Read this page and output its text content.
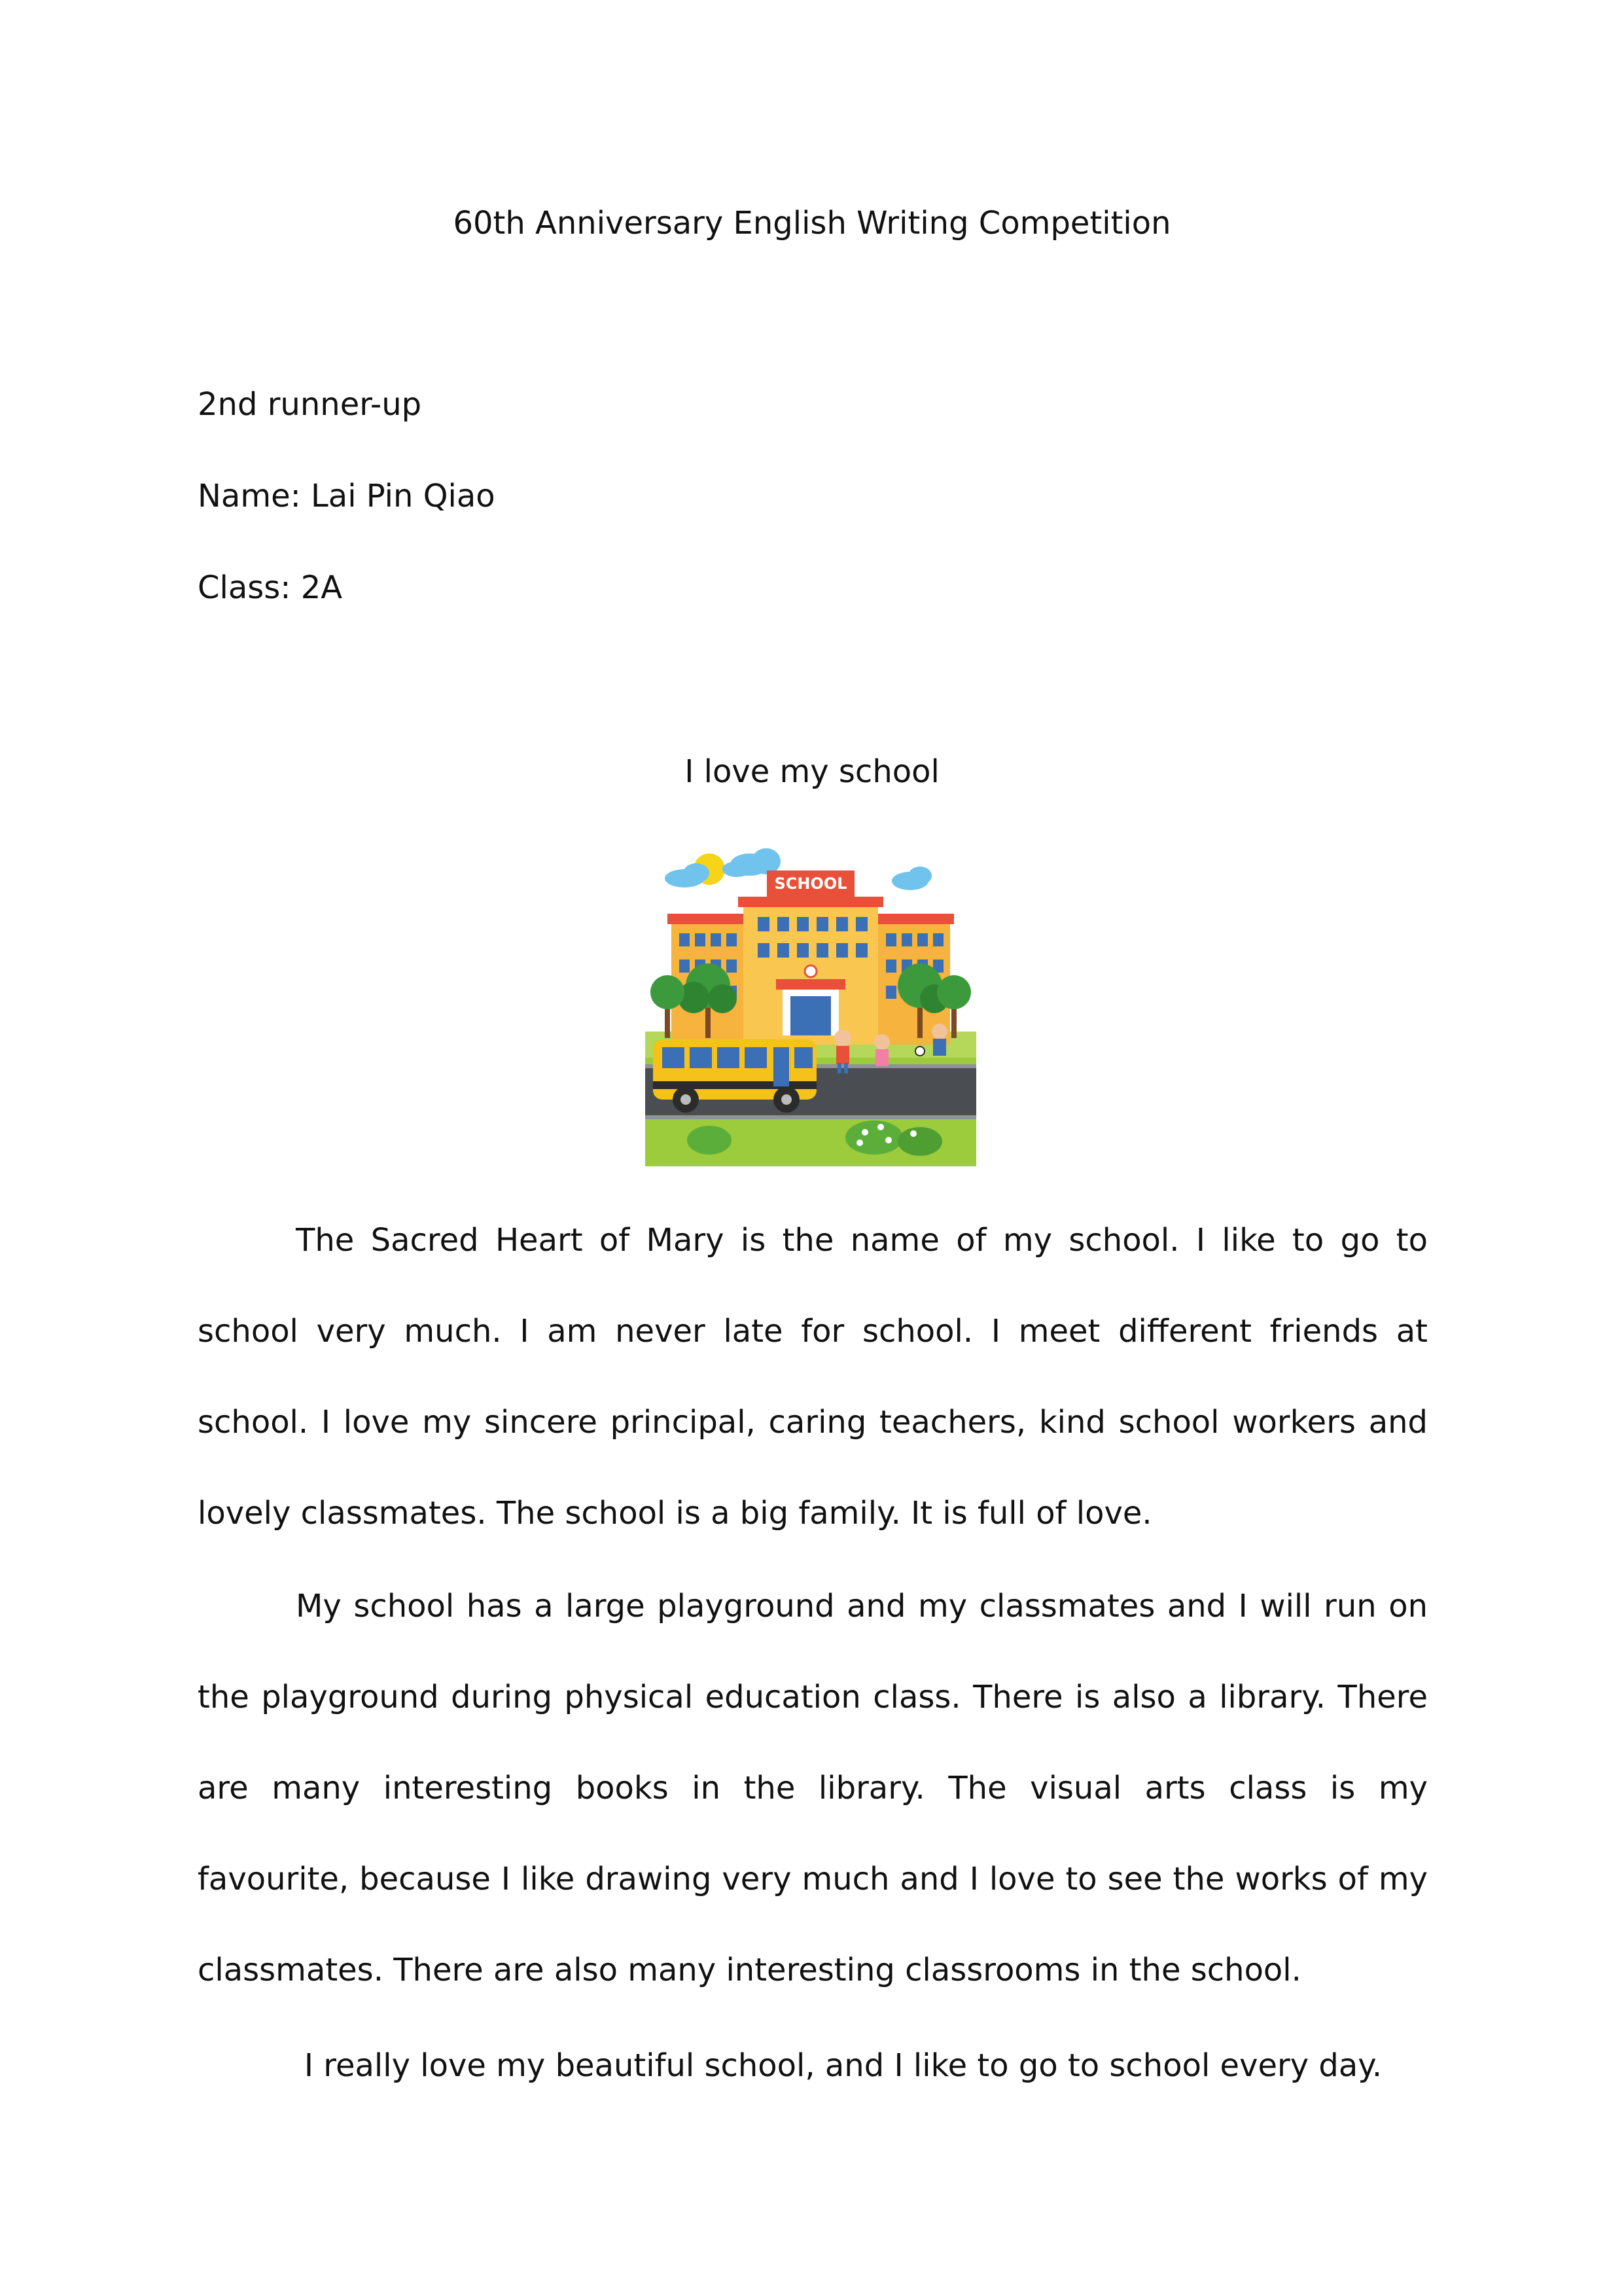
60th Anniversary English Writing Competition
2nd runner-up
Name: Lai Pin Qiao
Class: 2A
I love my school
SCHOOL

The Sacred Heart of Mary is the name of my school. I like to go to school very much. I am never late for school. I meet different friends at school. I love my sincere principal, caring teachers, kind school workers and lovely classmates. The school is a big family. It is full of love.

My school has a large playground and my classmates and I will run on the playground during physical education class. There is also a library. There are many interesting books in the library. The visual arts class is my favourite, because I like drawing very much and I love to see the works of my classmates. There are also many interesting classrooms in the school.

I really love my beautiful school, and I like to go to school every day.
